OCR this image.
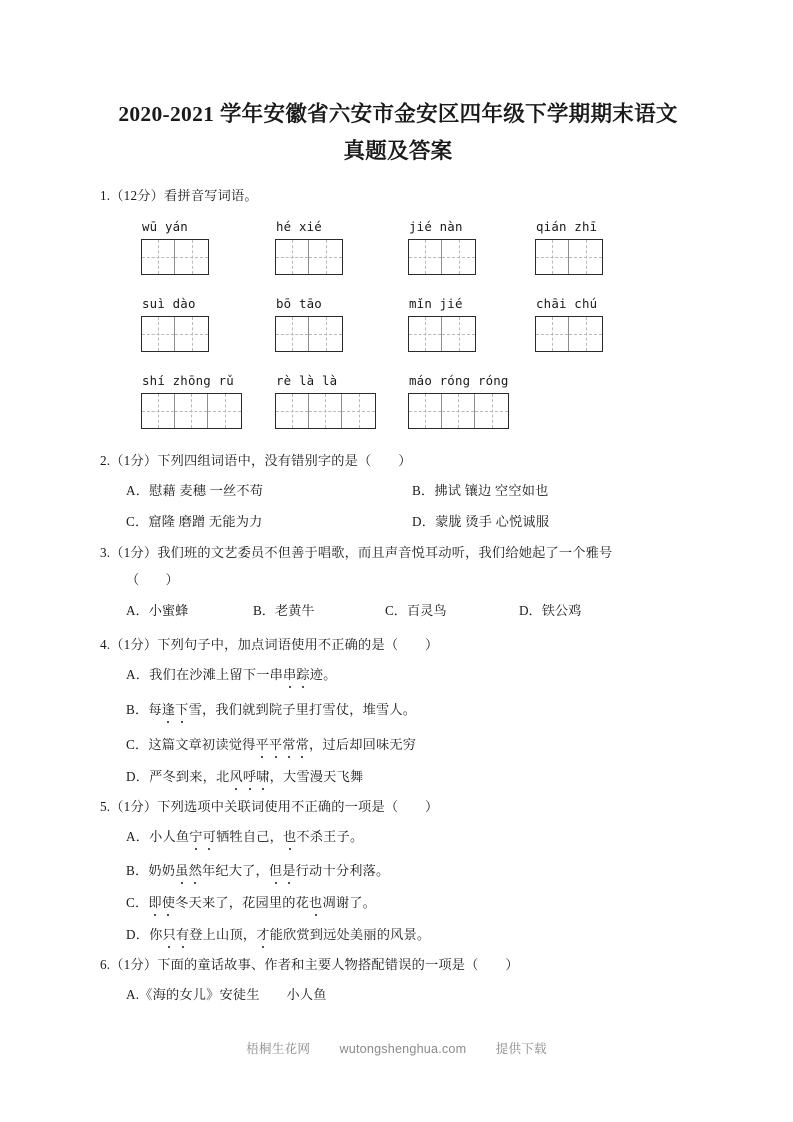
2020-2021 学年安徽省六安市金安区四年级下学期期末语文
真题及答案
1.（12分）看拼音写词语。
wū yán	hé xié	jié nàn	qián zhī
suì dào	bō tāo	mǐn jié	chāi chú
shí zhōng rǔ	rè là là	máo róng róng
2.（1分）下列四组词语中，没有错别字的是（　　）
A．慰藉 麦穗 一丝不苟	B．拂试 镶边 空空如也
C．窟隆 磨蹭 无能为力	D．蒙胧 烫手 心悦诚服
3.（1分）我们班的文艺委员不但善于唱歌，而且声音悦耳动听，我们给她起了一个雅号
（　　）
A．小蜜蜂	B．老黄牛	C．百灵鸟	D．铁公鸡
4.（1分）下列句子中，加点词语使用不正确的是（　　）
A．我们在沙滩上留下一串串踪迹。
B．每逢下雪，我们就到院子里打雪仗，堆雪人。
C．这篇文章初读觉得平平常常，过后却回味无穷
D．严冬到来，北风呼啸，大雪漫天飞舞
5.（1分）下列选项中关联词使用不正确的一项是（　　）
A．小人鱼宁可牺牲自己，也不杀王子。
B．奶奶虽然年纪大了，但是行动十分利落。
C．即使冬天来了，花园里的花也凋谢了。
D．你只有登上山顶，才能欣赏到远处美丽的风景。
6.（1分）下面的童话故事、作者和主要人物搭配错误的一项是（　　）
A.《海的女儿》安徒生　　小人鱼
梧桐生花网 wutongshenghua.com 提供下载
